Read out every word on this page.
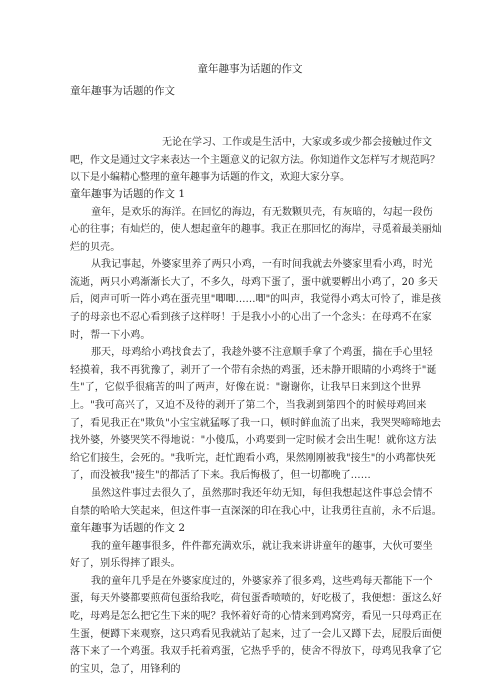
童年趣事为话题的作文
童年趣事为话题的作文

无论在学习、工作或是生活中，大家或多或少都会接触过作文吧，作文是通过文字来表达一个主题意义的记叙方法。你知道作文怎样写才规范吗？以下是小编精心整理的童年趣事为话题的作文，欢迎大家分享。

童年趣事为话题的作文 1

童年，是欢乐的海洋。在回忆的海边，有无数颗贝壳，有灰暗的，勾起一段伤心的往事；有灿烂的，使人想起童年的趣事。我正在那回忆的海岸，寻觅着最美丽灿烂的贝壳。

从我记事起，外婆家里养了两只小鸡，一有时间我就去外婆家里看小鸡，时光流逝，两只小鸡渐渐长大了，不多久，母鸡下蛋了，蛋中就要孵出小鸡了，20 多天后，阅声可听一阵小鸡在蛋壳里"唧唧……唧"的叫声，我觉得小鸡太可怜了，谁是孩子的母亲也不忍心看到孩子这样呀！于是我小小的心出了一个念头：在母鸡不在家时，帮一下小鸡。

那天，母鸡给小鸡找食去了，我趁外婆不注意顺手拿了个鸡蛋，揣在手心里轻轻摸着，我不再犹豫了，剥开了一个带有余热的鸡蛋，还未静开眼睛的小鸡终于"诞生"了，它似乎很痛苦的叫了两声，好像在说："谢谢你，让我早日来到这个世界上。"我可高兴了，又迫不及待的剥开了第二个，当我剥到第四个的时候母鸡回来了，看见我正在"欺负"小宝宝就猛啄了我一口，顿时鲜血流了出来，我哭哭啼啼地去找外婆，外婆哭笑不得地说："小傻瓜，小鸡要到一定时候才会出生呢！就你这方法给它们接生，会死的。"我听完，赶忙跑看小鸡，果然刚刚被我"接生"的小鸡都快死了，而没被我"接生"的都活了下来。我后悔极了，但一切都晚了……

虽然这件事过去很久了，虽然那时我还年幼无知，每但我想起这件事总会情不自禁的哈哈大笑起来，但这件事一直深深的印在我心中，让我勇往直前，永不后退。

童年趣事为话题的作文 2

我的童年趣事很多，件件都充满欢乐，就让我来讲讲童年的趣事，大伙可要坐好了，别乐得摔了跟头。

我的童年几乎是在外婆家度过的，外婆家养了很多鸡，这些鸡每天都能下一个蛋，每天外婆都要煎荷包蛋给我吃，荷包蛋香喷喷的，好吃极了，我便想：蛋这么好吃，母鸡是怎么把它生下来的呢？我怀着好奇的心情来到鸡窝旁，看见一只母鸡正在生蛋，便蹲下来观察，这只鸡看见我就站了起来，过了一会儿又蹲下去，屁股后面便落下来了一个鸡蛋。我双手托着鸡蛋，它热乎乎的，使舍不得放下，母鸡见我拿了它的宝贝，急了，用锋利的
